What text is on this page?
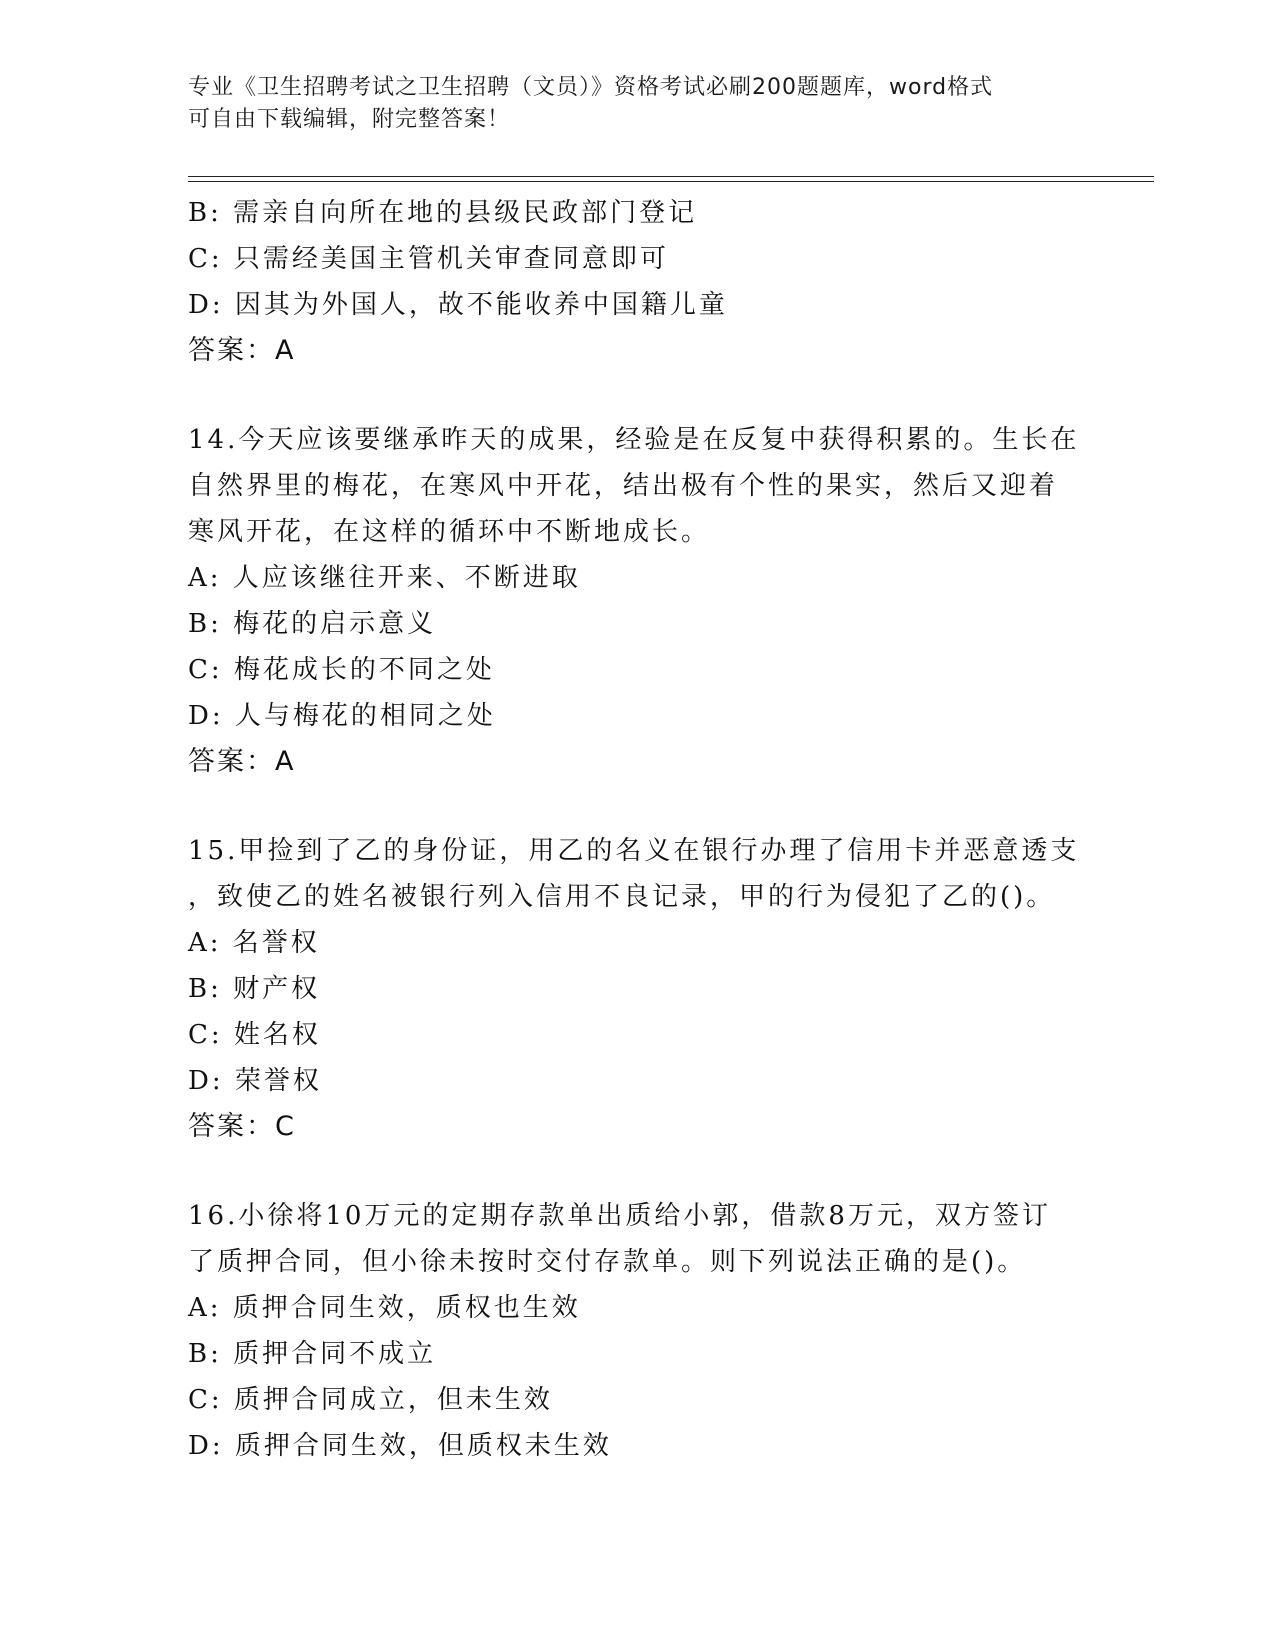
专业《卫生招聘考试之卫生招聘（文员）》资格考试必刷200题题库，word格式
可自由下载编辑，附完整答案！
B: 需亲自向所在地的县级民政部门登记
C: 只需经美国主管机关审查同意即可
D: 因其为外国人，故不能收养中国籍儿童
答案：A
14.今天应该要继承昨天的成果，经验是在反复中获得积累的。生长在
自然界里的梅花，在寒风中开花，结出极有个性的果实，然后又迎着
寒风开花，在这样的循环中不断地成长。
A: 人应该继往开来、不断进取
B: 梅花的启示意义
C: 梅花成长的不同之处
D: 人与梅花的相同之处
答案：A
15.甲捡到了乙的身份证，用乙的名义在银行办理了信用卡并恶意透支
，致使乙的姓名被银行列入信用不良记录，甲的行为侵犯了乙的()。
A: 名誉权
B: 财产权
C: 姓名权
D: 荣誉权
答案：C
16.小徐将10万元的定期存款单出质给小郭，借款8万元，双方签订
了质押合同，但小徐未按时交付存款单。则下列说法正确的是()。
A: 质押合同生效，质权也生效
B: 质押合同不成立
C: 质押合同成立，但未生效
D: 质押合同生效，但质权未生效
